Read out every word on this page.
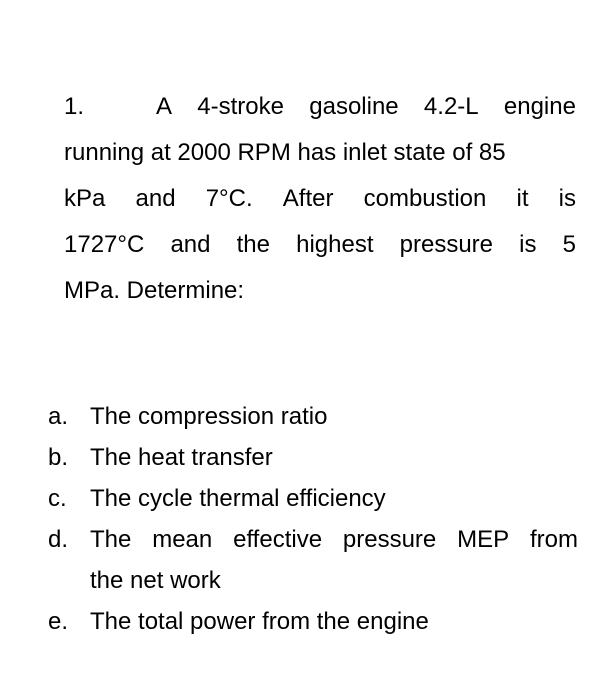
1.	A 4-stroke gasoline 4.2-L engine
running at 2000 RPM has inlet state of 85
kPa and 7°C. After combustion it is
1727°C and the highest pressure is 5
MPa. Determine:
a. The compression ratio
b. The heat transfer
c. The cycle thermal efficiency
d. The mean effective pressure MEP from
the net work
e. The total power from the engine
